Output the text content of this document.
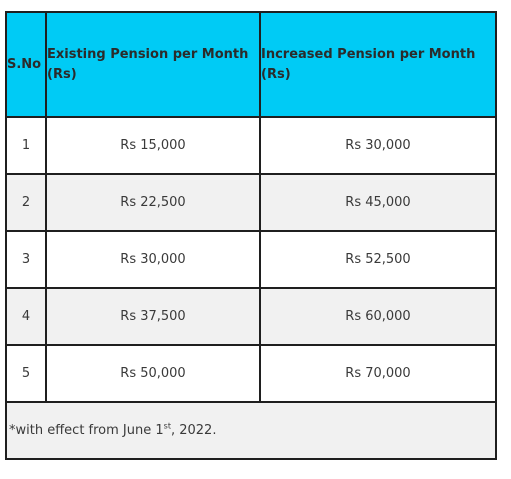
S.No	Existing Pension per Month (Rs)	Increased Pension per Month (Rs)
1	Rs 15,000	Rs 30,000
2	Rs 22,500	Rs 45,000
3	Rs 30,000	Rs 52,500
4	Rs 37,500	Rs 60,000
5	Rs 50,000	Rs 70,000
*with effect from June 1st, 2022.		
